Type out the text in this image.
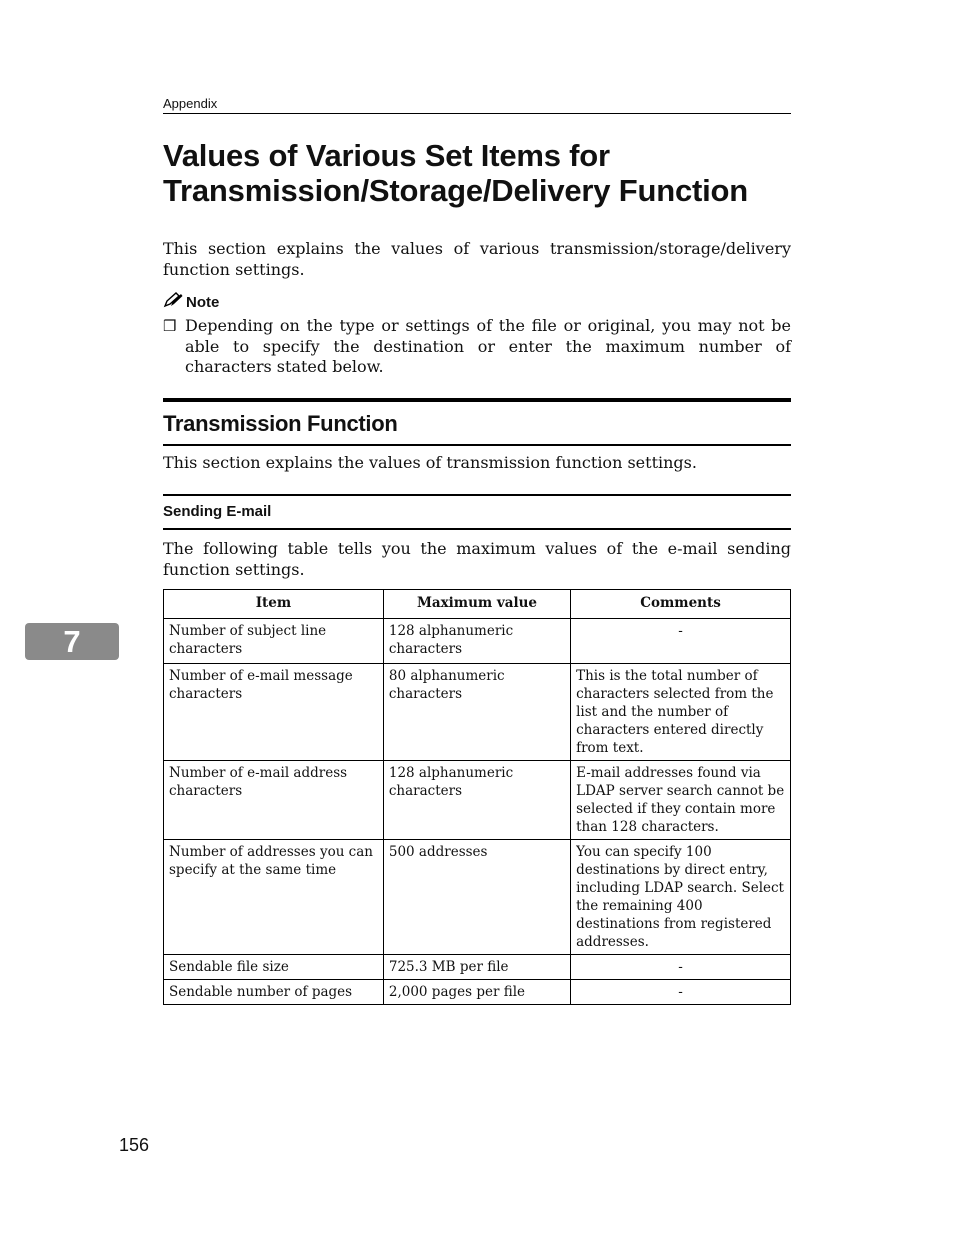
Appendix
Values of Various Set Items for
Transmission/Storage/Delivery Function

This section explains the values of various transmission/storage/delivery function settings.

Note
❒ Depending on the type or settings of the file or original, you may not be able to specify the destination or enter the maximum number of characters stated below.
Transmission Function

This section explains the values of transmission function settings.

Sending E-mail

The following table tells you the maximum values of the e-mail sending function settings.

Item	Maximum value	Comments
Number of subject line characters	128 alphanumeric characters	-
Number of e-mail message characters	80 alphanumeric characters	This is the total number of characters selected from the list and the number of characters entered directly from text.
Number of e-mail address characters	128 alphanumeric characters	E-mail addresses found via LDAP server search cannot be selected if they contain more than 128 characters.
Number of addresses you can specify at the same time	500 addresses	You can specify 100 destinations by direct entry, including LDAP search. Select the remaining 400 destinations from registered addresses.
Sendable file size	725.3 MB per file	-
Sendable number of pages	2,000 pages per file	-
7
156
